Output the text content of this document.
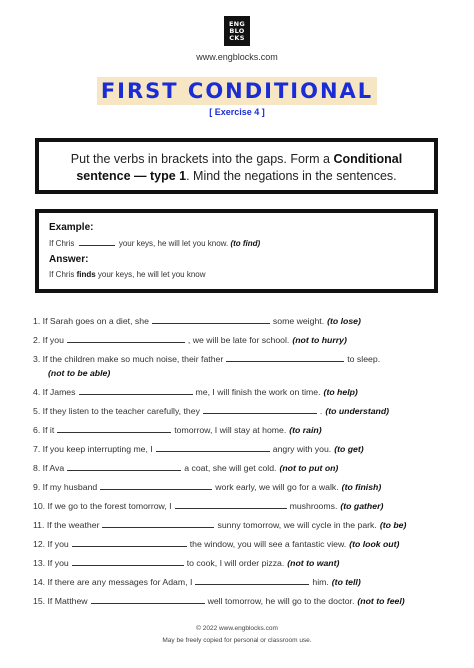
ENG
BLO
CKS
www.engblocks.com
FIRST CONDITIONAL
[ Exercise 4 ]
Put the verbs in brackets into the gaps. Form a Conditional sentence — type 1. Mind the negations in the sentences.
Example:
If Chris	your keys, he will let you know. (to find)
Answer:
If Chris finds your keys, he will let you know
1. If Sarah goes on a diet, she	some weight. (to lose)
2. If you	, we will be late for school. (not to hurry)
3. If the children make so much noise, their father	to sleep.
(not to be able)
4. If James	me, I will finish the work on time. (to help)
5. If they listen to the teacher carefully, they	. (to understand)
6. If it	tomorrow, I will stay at home. (to rain)
7. If you keep interrupting me, I	angry with you. (to get)
8. If Ava	a coat, she will get cold. (not to put on)
9. If my husband	work early, we will go for a walk. (to finish)
10. If we go to the forest tomorrow, I	mushrooms. (to gather)
11. If the weather	sunny tomorrow, we will cycle in the park. (to be)
12. If you	the window, you will see a fantastic view. (to look out)
13. If you	to cook, I will order pizza. (not to want)
14. If there are any messages for Adam, I	him. (to tell)
15. If Matthew	well tomorrow, he will go to the doctor. (not to feel)
© 2022 www.engblocks.com
May be freely copied for personal or classroom use.
